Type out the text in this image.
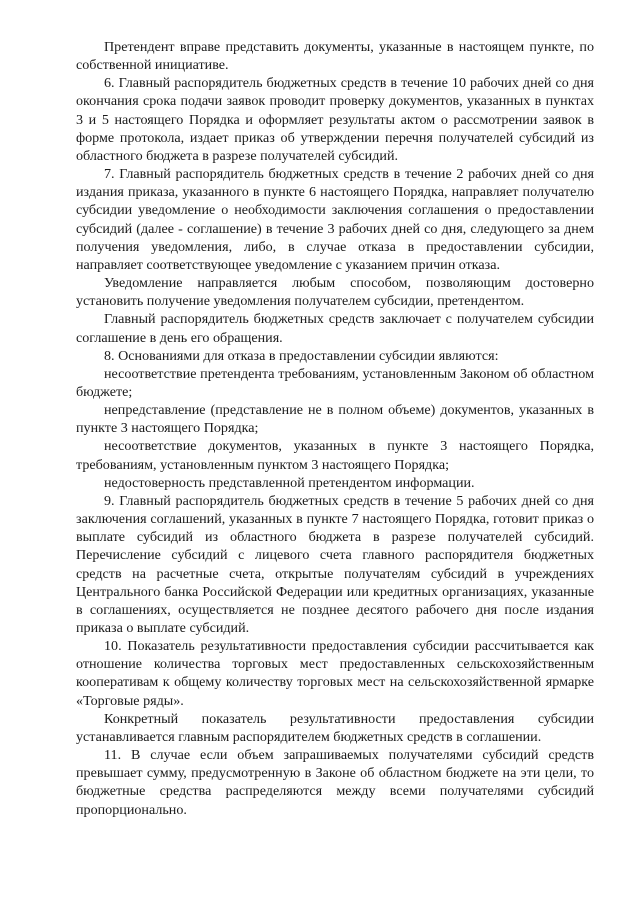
Претендент вправе представить документы, указанные в настоящем пункте, по собственной инициативе.

6. Главный распорядитель бюджетных средств в течение 10 рабочих дней со дня окончания срока подачи заявок проводит проверку документов, указанных в пунктах 3 и 5 настоящего Порядка и оформляет результаты актом о рассмотрении заявок в форме протокола, издает приказ об утверждении перечня получателей субсидий из областного бюджета в разрезе получателей субсидий.

7. Главный распорядитель бюджетных средств в течение 2 рабочих дней со дня издания приказа, указанного в пункте 6 настоящего Порядка, направляет получателю субсидии уведомление о необходимости заключения соглашения о предоставлении субсидий (далее - соглашение) в течение 3 рабочих дней со дня, следующего за днем получения уведомления, либо, в случае отказа в предоставлении субсидии, направляет соответствующее уведомление с указанием причин отказа.

Уведомление направляется любым способом, позволяющим достоверно установить получение уведомления получателем субсидии, претендентом.

Главный распорядитель бюджетных средств заключает с получателем субсидии соглашение в день его обращения.

8. Основаниями для отказа в предоставлении субсидии являются:

несоответствие претендента требованиям, установленным Законом об областном бюджете;

непредставление (представление не в полном объеме) документов, указанных в пункте 3 настоящего Порядка;

несоответствие документов, указанных в пункте 3 настоящего Порядка, требованиям, установленным пунктом 3 настоящего Порядка;

недостоверность представленной претендентом информации.

9. Главный распорядитель бюджетных средств в течение 5 рабочих дней со дня заключения соглашений, указанных в пункте 7 настоящего Порядка, готовит приказ о выплате субсидий из областного бюджета в разрезе получателей субсидий. Перечисление субсидий с лицевого счета главного распорядителя бюджетных средств на расчетные счета, открытые получателям субсидий в учреждениях Центрального банка Российской Федерации или кредитных организациях, указанные в соглашениях, осуществляется не позднее десятого рабочего дня после издания приказа о выплате субсидий.

10. Показатель результативности предоставления субсидии рассчитывается как отношение количества торговых мест предоставленных сельскохозяйственным кооперативам к общему количеству торговых мест на сельскохозяйственной ярмарке «Торговые ряды».

Конкретный показатель результативности предоставления субсидии устанавливается главным распорядителем бюджетных средств в соглашении.

11. В случае если объем запрашиваемых получателями субсидий средств превышает сумму, предусмотренную в Законе об областном бюджете на эти цели, то бюджетные средства распределяются между всеми получателями субсидий пропорционально.
